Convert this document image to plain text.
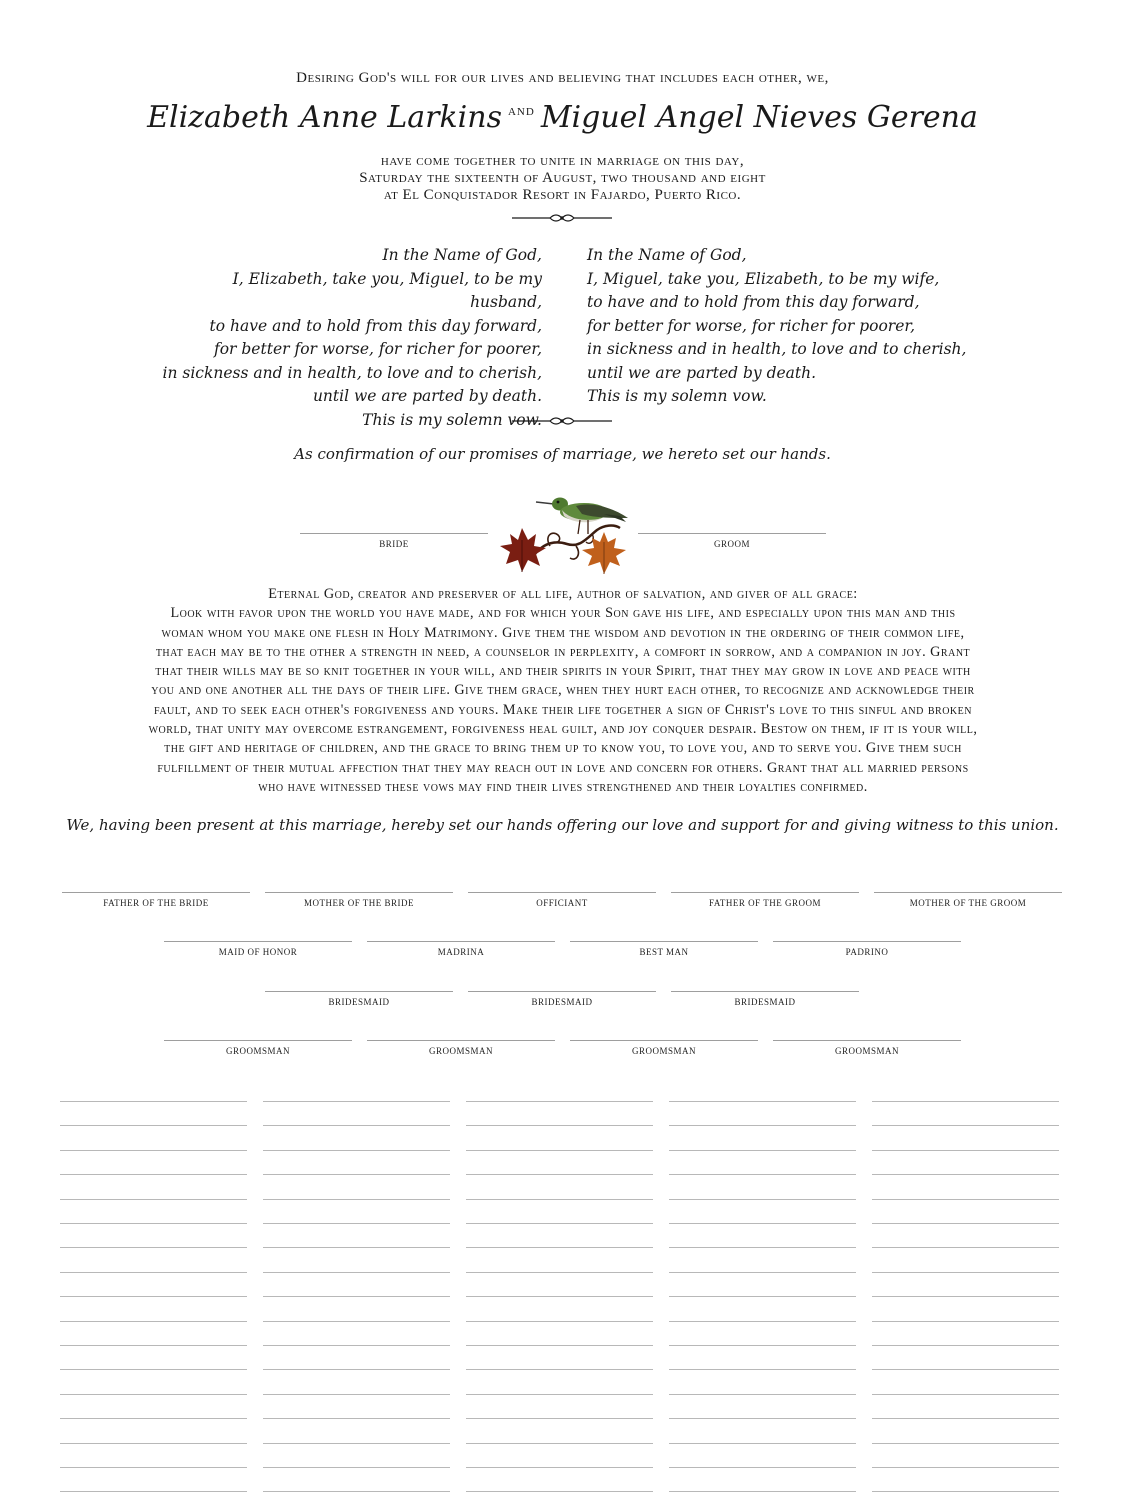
Desiring God's will for our lives and believing that includes each other, we,
Elizabeth Anne Larkins $^{AND}$ Miguel Angel Nieves Gerena
have come together to unite in marriage on this day,
Saturday the sixteenth of August, two thousand and eight
at El Conquistador Resort in Fajardo, Puerto Rico.
In the Name of God,
I, Elizabeth, take you, Miguel, to be my husband,
to have and to hold from this day forward,
for better for worse, for richer for poorer,
in sickness and in health, to love and to cherish,
until we are parted by death.
This is my solemn vow.
In the Name of God,
I, Miguel, take you, Elizabeth, to be my wife,
to have and to hold from this day forward,
for better for worse, for richer for poorer,
in sickness and in health, to love and to cherish,
until we are parted by death.
This is my solemn vow.
As confirmation of our promises of marriage, we hereto set our hands.
BRIDE	GROOM
Eternal God, creator and preserver of all life, author of salvation, and giver of all grace:
Look with favor upon the world you have made, and for which your Son gave his life, and especially upon this man and this
woman whom you make one flesh in Holy Matrimony. Give them the wisdom and devotion in the ordering of their common life,
that each may be to the other a strength in need, a counselor in perplexity, a comfort in sorrow, and a companion in joy. Grant
that their wills may be so knit together in your will, and their spirits in your Spirit, that they may grow in love and peace with
you and one another all the days of their life. Give them grace, when they hurt each other, to recognize and acknowledge their
fault, and to seek each other's forgiveness and yours. Make their life together a sign of Christ's love to this sinful and broken
world, that unity may overcome estrangement, forgiveness heal guilt, and joy conquer despair. Bestow on them, if it is your will,
the gift and heritage of children, and the grace to bring them up to know you, to love you, and to serve you. Give them such
fulfillment of their mutual affection that they may reach out in love and concern for others. Grant that all married persons
who have witnessed these vows may find their lives strengthened and their loyalties confirmed.
We, having been present at this marriage, hereby set our hands offering our love and support for and giving witness to this union.
FATHER OF THE BRIDE	MOTHER OF THE BRIDE	OFFICIANT	FATHER OF THE GROOM	MOTHER OF THE GROOM
MAID OF HONOR	MADRINA	BEST MAN	PADRINO
BRIDESMAID	BRIDESMAID	BRIDESMAID
GROOMSMAN	GROOMSMAN	GROOMSMAN	GROOMSMAN
